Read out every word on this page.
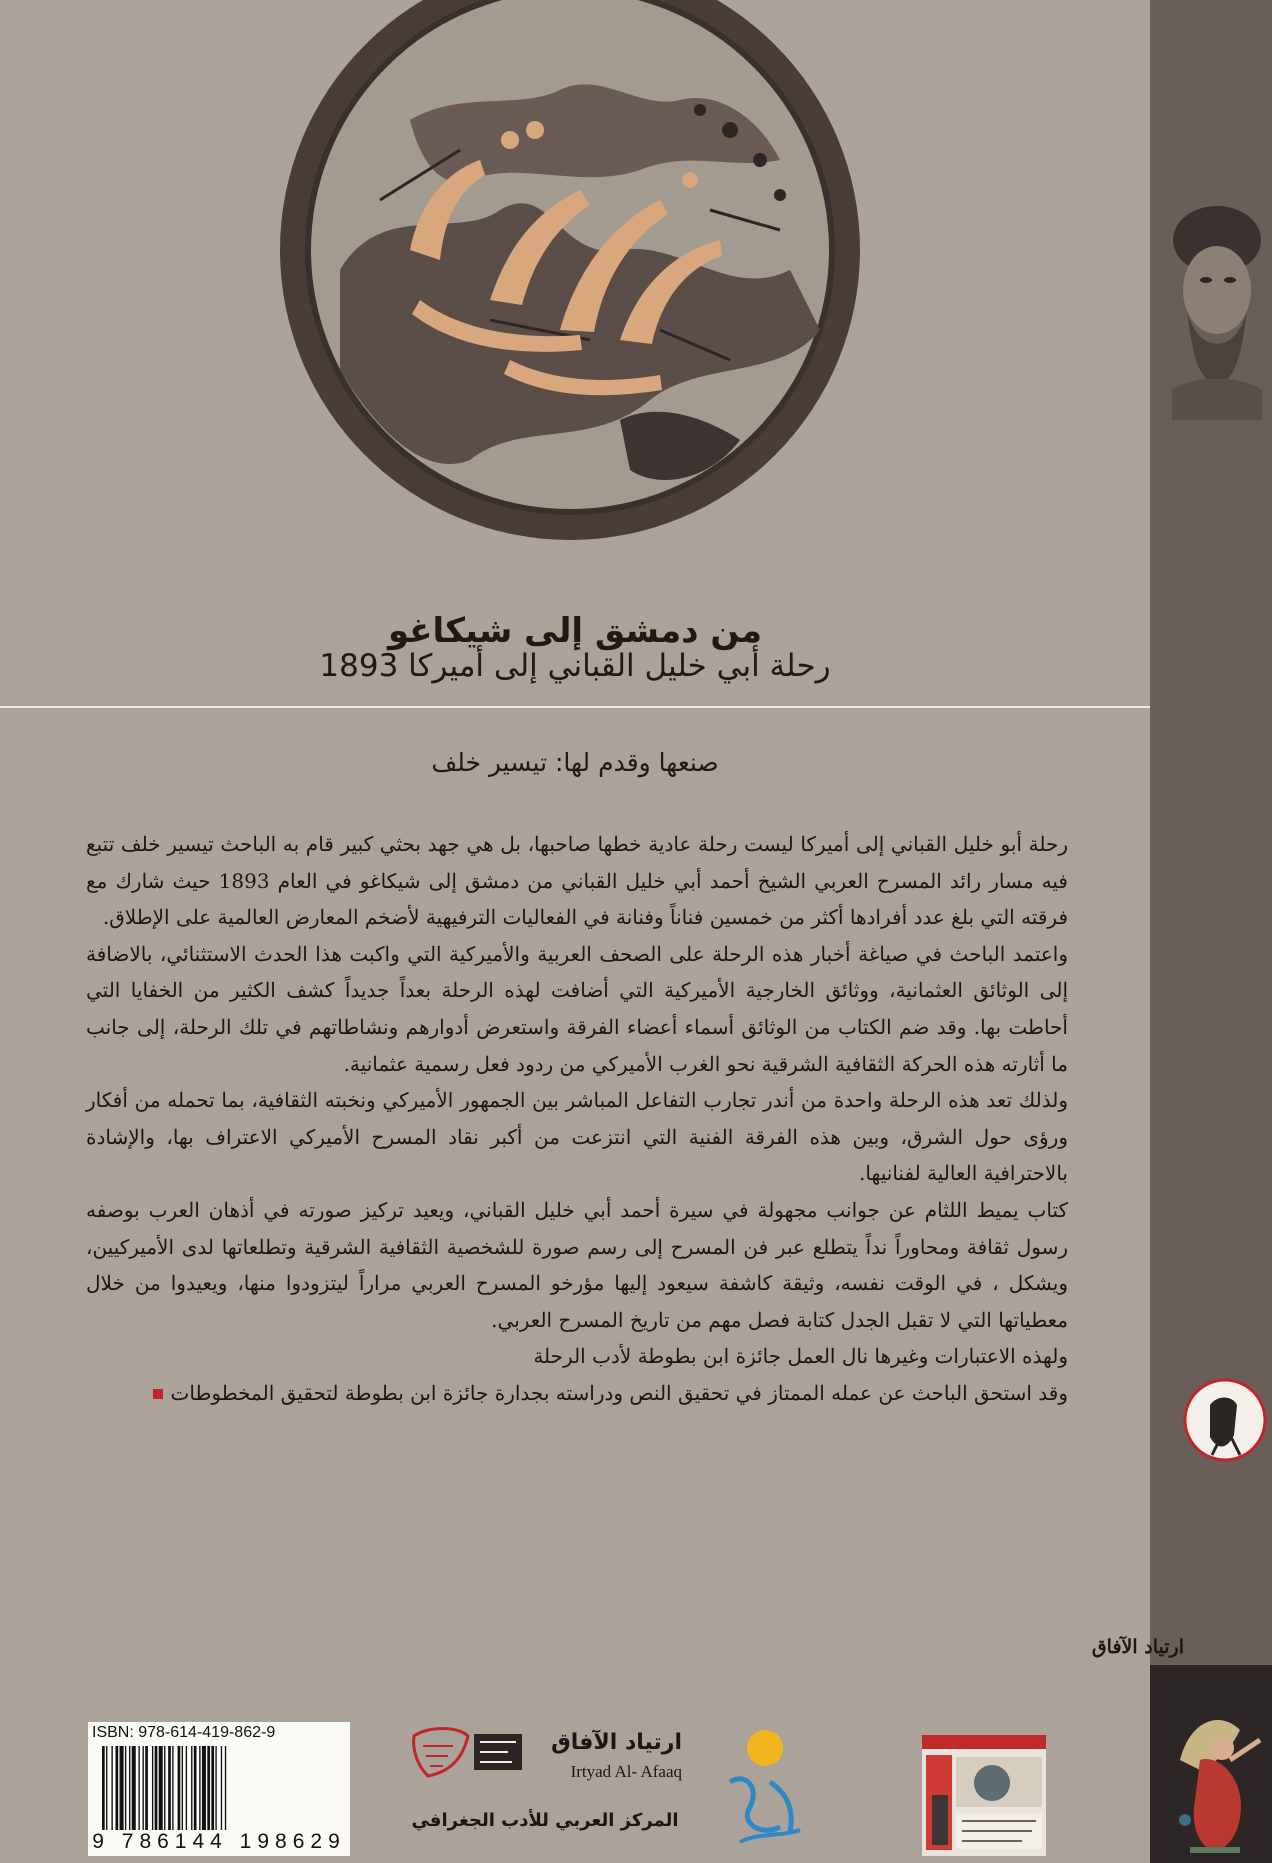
من دمشق إلى شيكاغو
رحلة أبي خليل القباني إلى أميركا 1893
صنعها وقدم لها: تيسير خلف

رحلة أبو خليل القباني إلى أميركا ليست رحلة عادية خطها صاحبها، بل هي جهد بحثي كبير قام به الباحث تيسير خلف تتبع فيه مسار رائد المسرح العربي الشيخ أحمد أبي خليل القباني من دمشق إلى شيكاغو في العام 1893 حيث شارك مع فرقته التي بلغ عدد أفرادها أكثر من خمسين فناناً وفنانة في الفعاليات الترفيهية لأضخم المعارض العالمية على الإطلاق.

واعتمد الباحث في صياغة أخبار هذه الرحلة على الصحف العربية والأميركية التي واكبت هذا الحدث الاستثنائي، بالاضافة إلى الوثائق العثمانية، ووثائق الخارجية الأميركية التي أضافت لهذه الرحلة بعداً جديداً كشف الكثير من الخفايا التي أحاطت بها. وقد ضم الكتاب من الوثائق أسماء أعضاء الفرقة واستعرض أدوارهم ونشاطاتهم في تلك الرحلة، إلى جانب ما أثارته هذه الحركة الثقافية الشرقية نحو الغرب الأميركي من ردود فعل رسمية عثمانية.

ولذلك تعد هذه الرحلة واحدة من أندر تجارب التفاعل المباشر بين الجمهور الأميركي ونخبته الثقافية، بما تحمله من أفكار ورؤى حول الشرق، وبين هذه الفرقة الفنية التي انتزعت من أكبر نقاد المسرح الأميركي الاعتراف بها، والإشادة بالاحترافية العالية لفنانيها.

كتاب يميط اللثام عن جوانب مجهولة في سيرة أحمد أبي خليل القباني، ويعيد تركيز صورته في أذهان العرب بوصفه رسول ثقافة ومحاوراً نداً يتطلع عبر فن المسرح إلى رسم صورة للشخصية الثقافية الشرقية وتطلعاتها لدى الأميركيين، ويشكل ، في الوقت نفسه، وثيقة كاشفة سيعود إليها مؤرخو المسرح العربي مراراً ليتزودوا منها، ويعيدوا من خلال معطياتها التي لا تقبل الجدل كتابة فصل مهم من تاريخ المسرح العربي.

ولهذه الاعتبارات وغيرها نال العمل جائزة ابن بطوطة لأدب الرحلة

وقد استحق الباحث عن عمله الممتاز في تحقيق النص ودراسته بجدارة جائزة ابن بطوطة لتحقيق المخطوطات

ارتياد الآفاق
ISBN: 978-614-419-862-9
9 786144 198629
ارتياد الآفاق
Irtyad Al- Afaaq
المركز العربي للأدب الجغرافي
